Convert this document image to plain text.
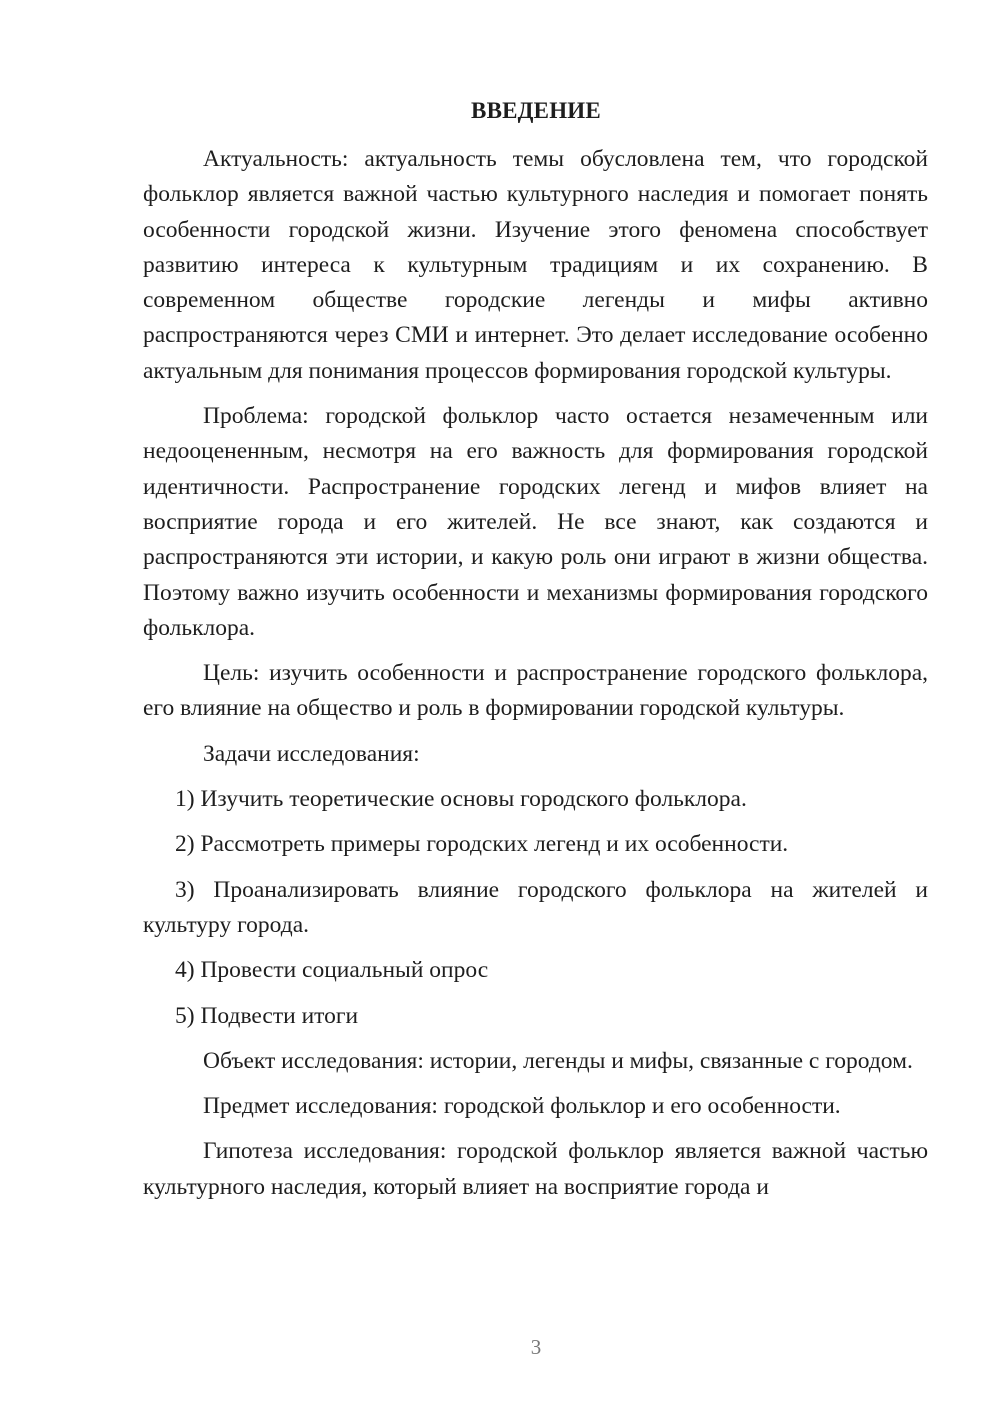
ВВЕДЕНИЕ

Актуальность: актуальность темы обусловлена тем, что городской фольклор является важной частью культурного наследия и помогает понять особенности городской жизни. Изучение этого феномена способствует развитию интереса к культурным традициям и их сохранению. В современном обществе городские легенды и мифы активно распространяются через СМИ и интернет. Это делает исследование особенно актуальным для понимания процессов формирования городской культуры.

Проблема: городской фольклор часто остается незамеченным или недооцененным, несмотря на его важность для формирования городской идентичности. Распространение городских легенд и мифов влияет на восприятие города и его жителей. Не все знают, как создаются и распространяются эти истории, и какую роль они играют в жизни общества. Поэтому важно изучить особенности и механизмы формирования городского фольклора.

Цель: изучить особенности и распространение городского фольклора, его влияние на общество и роль в формировании городской культуры.

Задачи исследования:

1) Изучить теоретические основы городского фольклора.

2) Рассмотреть примеры городских легенд и их особенности.

3) Проанализировать влияние городского фольклора на жителей и культуру города.

4) Провести социальный опрос

5) Подвести итоги

Объект исследования: истории, легенды и мифы, связанные с городом.

Предмет исследования: городской фольклор и его особенности.

Гипотеза исследования: городской фольклор является важной частью культурного наследия, который влияет на восприятие города и

3
